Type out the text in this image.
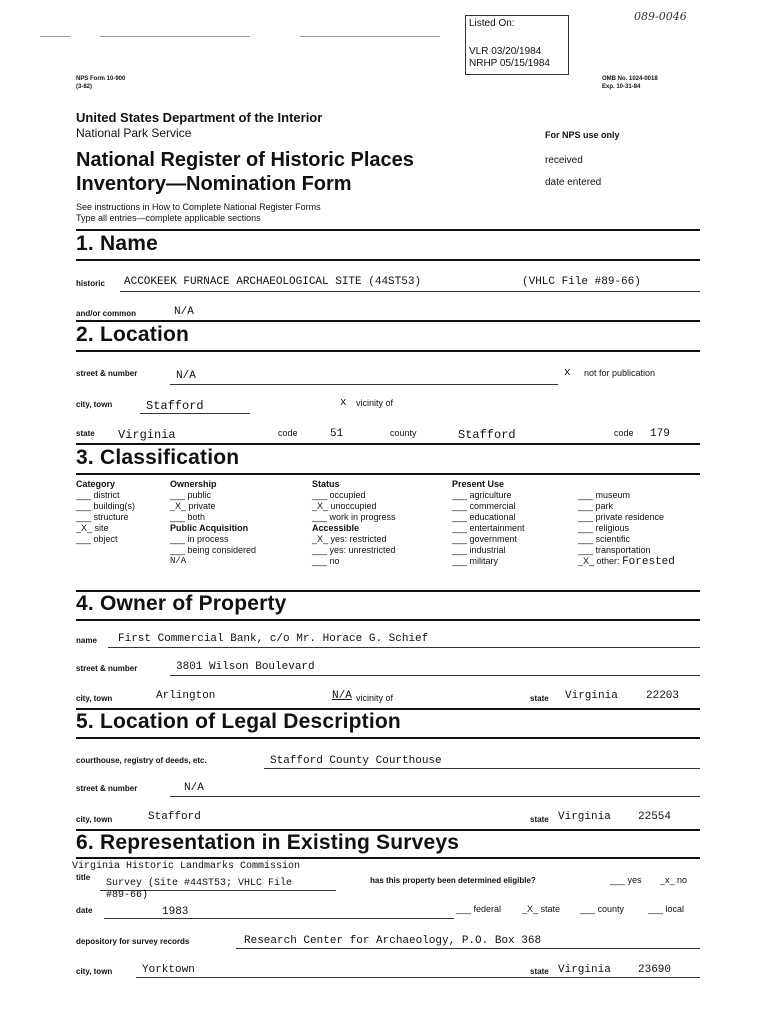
Listed On:
VLR 03/20/1984
NRHP 05/15/1984
089-0046
NPS Form 10-900
(3-82)
OMB No. 1024-0018
Exp. 10-31-84
United States Department of the Interior
National Park Service	For NPS use only
National Register of Historic Places
Inventory—Nomination Form
received
date entered
See instructions in How to Complete National Register Forms
Type all entries—complete applicable sections
1. Name
historic ACCOKEEK FURNACE ARCHAEOLOGICAL SITE (44ST53)	(VHLC File #89-66)
and/or common	N/A
2. Location
street & number	N/A	x not for publication
city, town	Stafford	x vicinity of
state Virginia	code	51	county	Stafford	code 179
3. Classification
Category
___ district
___ building(s)
___ structure
_X_ site
___ object
Ownership
___ public
_X_ private
___ both
Public Acquisition
___ in process
___ being considered
N/A
Status
___ occupied
_X_ unoccupied
___ work in progress
Accessible
_X_ yes: restricted
___ yes: unrestricted
___ no
Present Use
___ agriculture
___ commercial
___ educational
___ entertainment
___ government
___ industrial
___ military
___ museum
___ park
___ private residence
___ religious
___ scientific
___ transportation
_X_ other: Forested
4. Owner of Property
name First Commercial Bank, c/o Mr. Horace G. Schief
street & number	3801 Wilson Boulevard
city, town	Arlington	N/A vicinity of	state Virginia	22203
5. Location of Legal Description
courthouse, registry of deeds, etc.	Stafford County Courthouse
street & number	N/A
city, town	Stafford	state Virginia 22554
6. Representation in Existing Surveys
Virginia Historic Landmarks Commission
title
Survey (Site #44ST53; VHLC File
#89-66)
has this property been determined eligible?	___ yes _x_ no
date	1983	___ federal _X_ state ___ county	___ local
depository for survey records	Research Center for Archaeology, P.O. Box 368
city, town	Yorktown	state Virginia 23690
